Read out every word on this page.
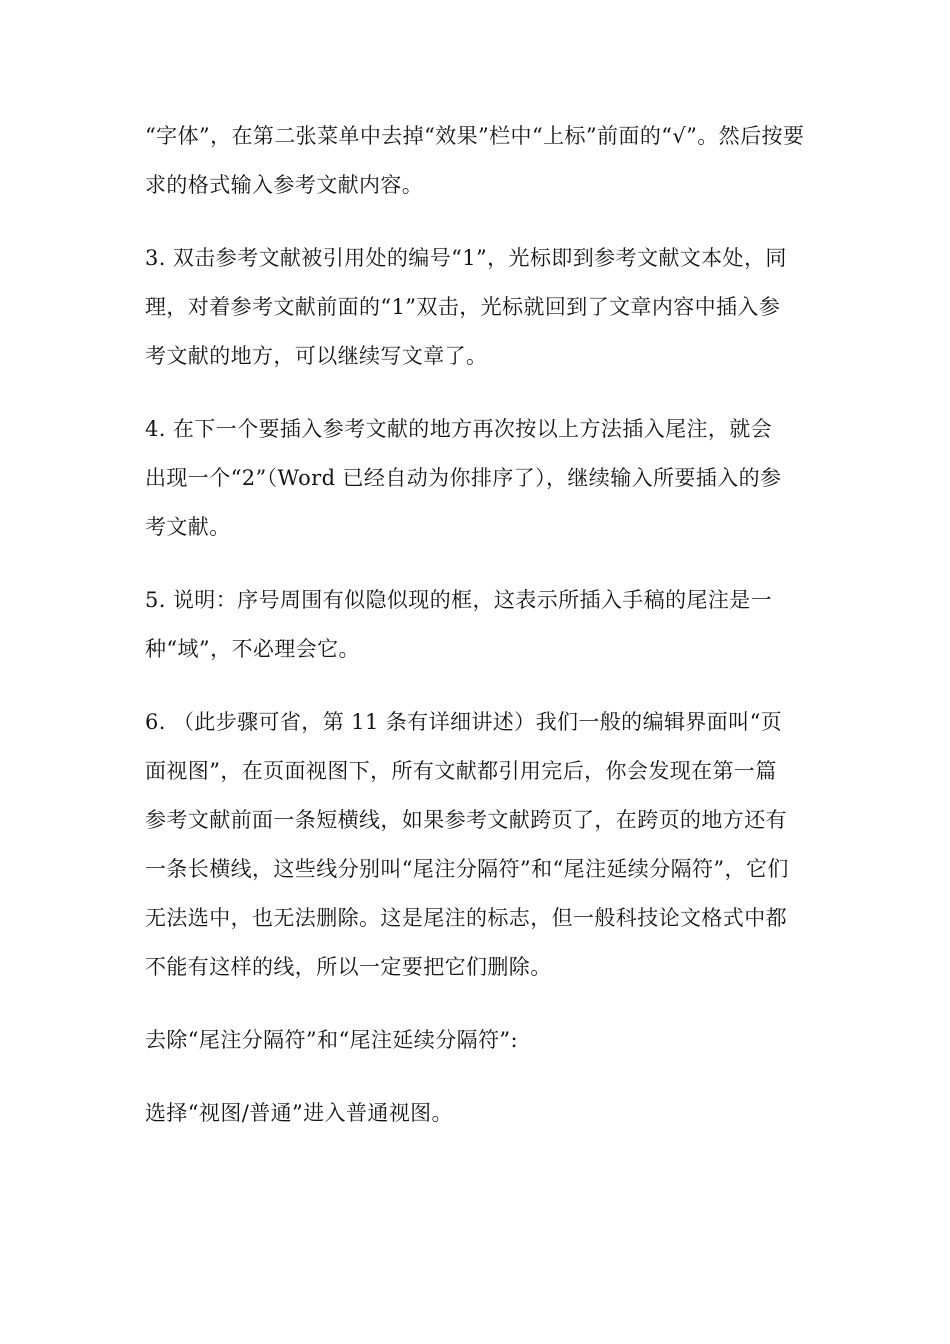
“字体”，在第二张菜单中去掉“效果”栏中“上标”前面的“√”。然后按要
求的格式输入参考文献内容。
3. 双击参考文献被引用处的编号“1”，光标即到参考文献文本处，同
理，对着参考文献前面的“1”双击，光标就回到了文章内容中插入参
考文献的地方，可以继续写文章了。
4. 在下一个要插入参考文献的地方再次按以上方法插入尾注，就会
出现一个“2”（Word 已经自动为你排序了），继续输入所要插入的参
考文献。
5. 说明：序号周围有似隐似现的框，这表示所插入手稿的尾注是一
种“域”，不必理会它。
6. （此步骤可省，第 11 条有详细讲述）我们一般的编辑界面叫“页
面视图”，在页面视图下，所有文献都引用完后，你会发现在第一篇
参考文献前面一条短横线，如果参考文献跨页了，在跨页的地方还有
一条长横线，这些线分别叫“尾注分隔符”和“尾注延续分隔符”，它们
无法选中，也无法删除。这是尾注的标志，但一般科技论文格式中都
不能有这样的线，所以一定要把它们删除。
去除“尾注分隔符”和“尾注延续分隔符”:
选择“视图/普通”进入普通视图。
